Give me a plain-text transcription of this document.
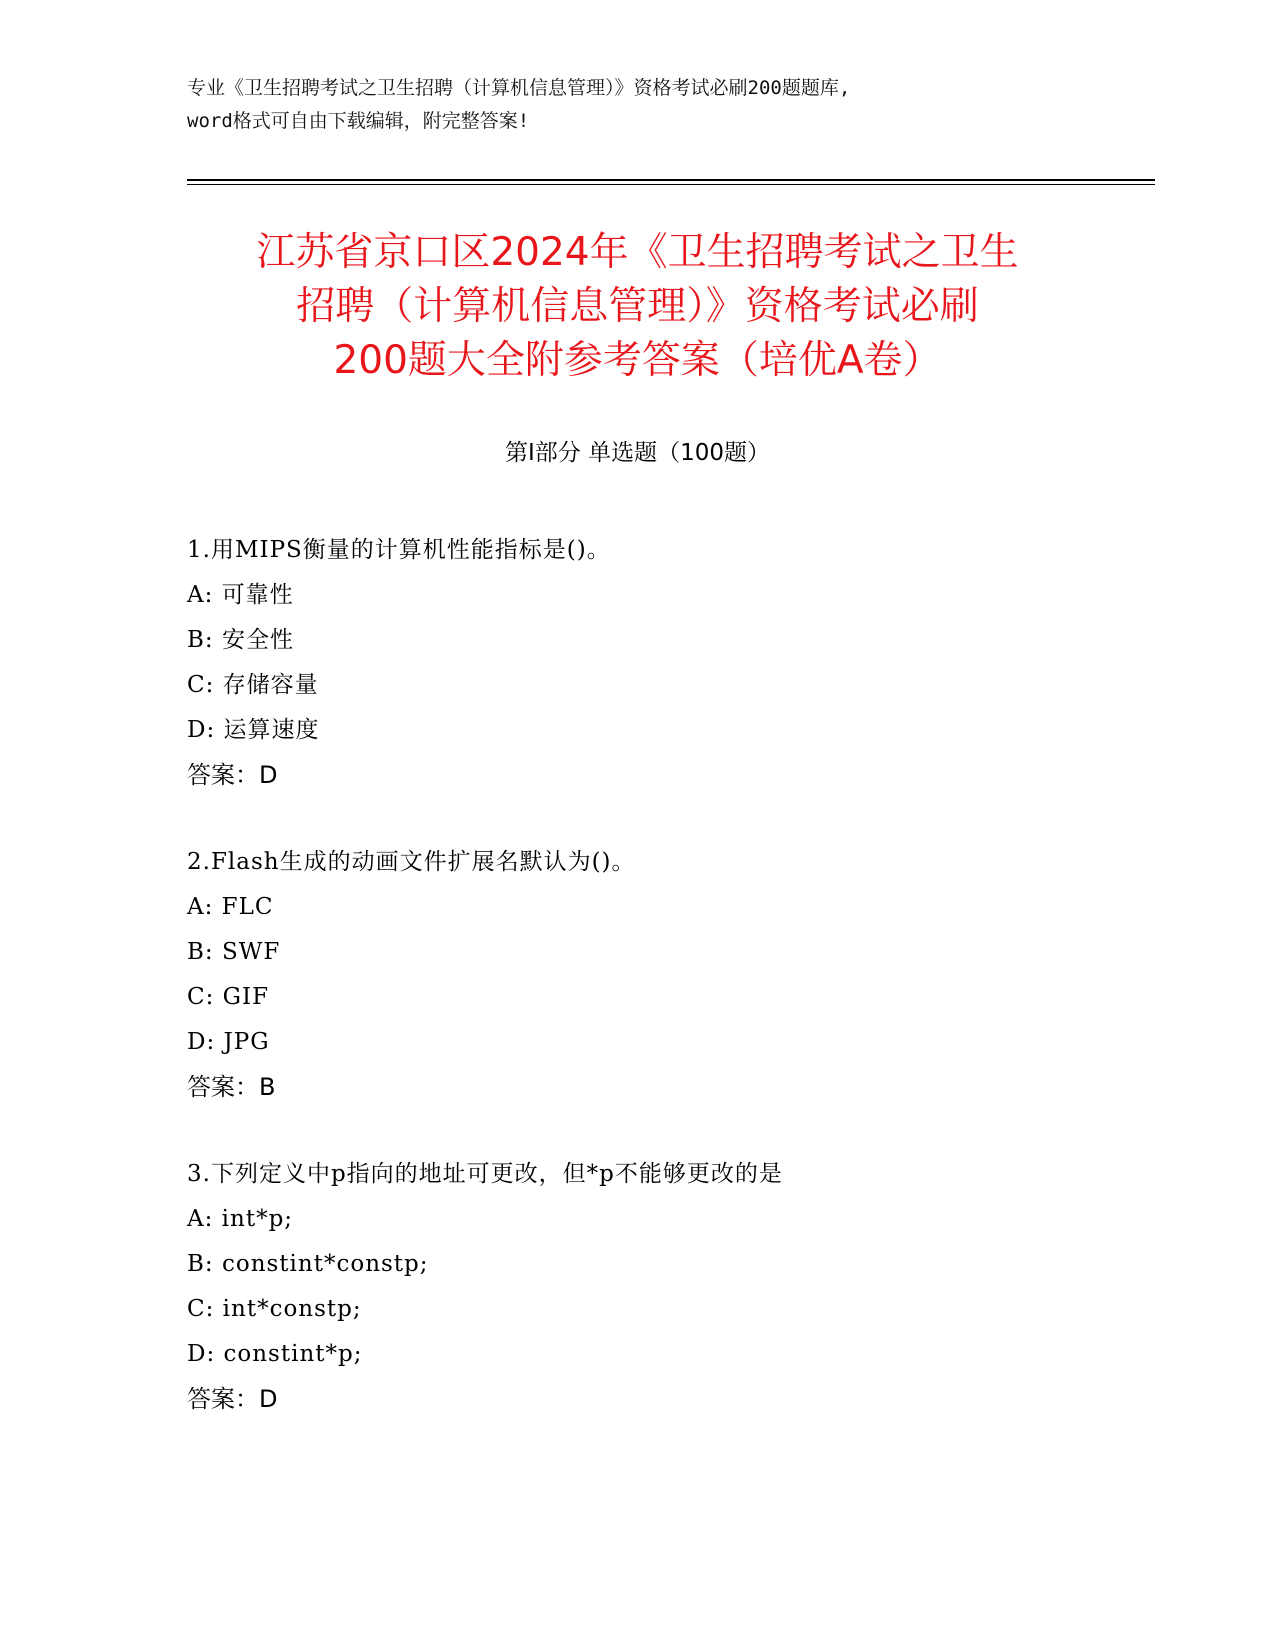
专业《卫生招聘考试之卫生招聘（计算机信息管理）》资格考试必刷200题题库,
word格式可自由下载编辑，附完整答案!
江苏省京口区2024年《卫生招聘考试之卫生
招聘（计算机信息管理）》资格考试必刷
200题大全附参考答案（培优A卷）
第Ⅰ部分 单选题（100题）
1.用MIPS衡量的计算机性能指标是()。
A: 可靠性
B: 安全性
C: 存储容量
D: 运算速度
答案：D
2.Flash生成的动画文件扩展名默认为()。
A: FLC
B: SWF
C: GIF
D: JPG
答案：B
3.下列定义中p指向的地址可更改，但*p不能够更改的是
A: int*p;
B: constint*constp;
C: int*constp;
D: constint*p;
答案：D
